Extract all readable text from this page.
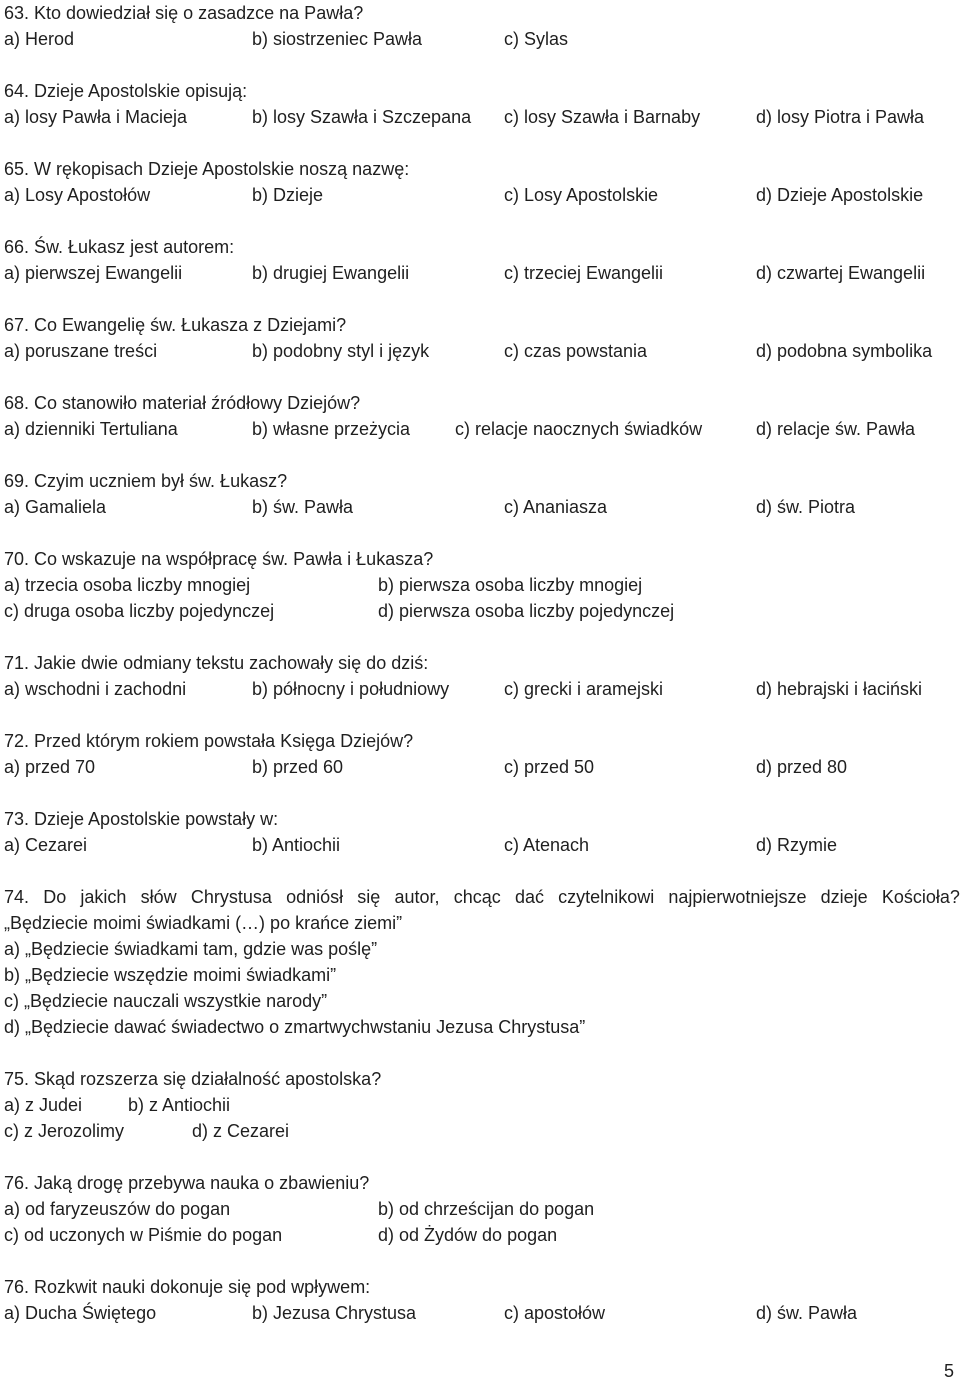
63. Kto dowiedział się o zasadzce na Pawła?
a) Herod	b) siostrzeniec Pawła	c) Sylas
64. Dzieje Apostolskie opisują:
a) losy Pawła i Macieja	b) losy Szawła i Szczepana c) losy Szawła i Barnaby	d) losy Piotra i Pawła
65. W rękopisach Dzieje Apostolskie noszą nazwę:
a) Losy Apostołów	b) Dzieje	c) Losy Apostolskie	d) Dzieje Apostolskie
66. Św. Łukasz jest autorem:
a) pierwszej Ewangelii	b) drugiej Ewangelii	c) trzeciej Ewangelii	d) czwartej Ewangelii
67. Co Ewangelię św. Łukasza z Dziejami?
a) poruszane treści	b) podobny styl i język	c) czas powstania	d) podobna symbolika
68. Co stanowiło materiał źródłowy Dziejów?
a) dzienniki Tertuliana	b) własne przeżycia c) relacje naocznych świadków	d) relacje św. Pawła
69. Czyim uczniem był św. Łukasz?
a) Gamaliela	b) św. Pawła	c) Ananiasza	d) św. Piotra
70. Co wskazuje na współpracę św. Pawła i Łukasza?
a) trzecia osoba liczby mnogiej	b) pierwsza osoba liczby mnogiej
c) druga osoba liczby pojedynczej	d) pierwsza osoba liczby pojedynczej
71. Jakie dwie odmiany tekstu zachowały się do dziś:
a) wschodni i zachodni	b) północny i południowy	c) grecki i aramejski	d) hebrajski i łaciński
72. Przed którym rokiem powstała Księga Dziejów?
a) przed 70	b) przed 60	c) przed 50	d) przed 80
73. Dzieje Apostolskie powstały w:
a) Cezarei	b) Antiochii	c) Atenach	d) Rzymie
74. Do jakich słów Chrystusa odniósł się autor, chcąc dać czytelnikowi najpierwotniejsze dzieje Kościoła?
„Będziecie moimi świadkami (…) po krańce ziemi”
a) „Będziecie świadkami tam, gdzie was poślę”
b) „Będziecie wszędzie moimi świadkami”
c) „Będziecie nauczali wszystkie narody”
d) „Będziecie dawać świadectwo o zmartwychwstaniu Jezusa Chrystusa”
75. Skąd rozszerza się działalność apostolska?
a) z Judei	b) z Antiochii
c) z Jerozolimy	d) z Cezarei
76. Jaką drogę przebywa nauka o zbawieniu?
a) od faryzeuszów do pogan	b) od chrześcijan do pogan
c) od uczonych w Piśmie do pogan	d) od Żydów do pogan
76. Rozkwit nauki dokonuje się pod wpływem:
a) Ducha Świętego	b) Jezusa Chrystusa	c) apostołów	d) św. Pawła
5
